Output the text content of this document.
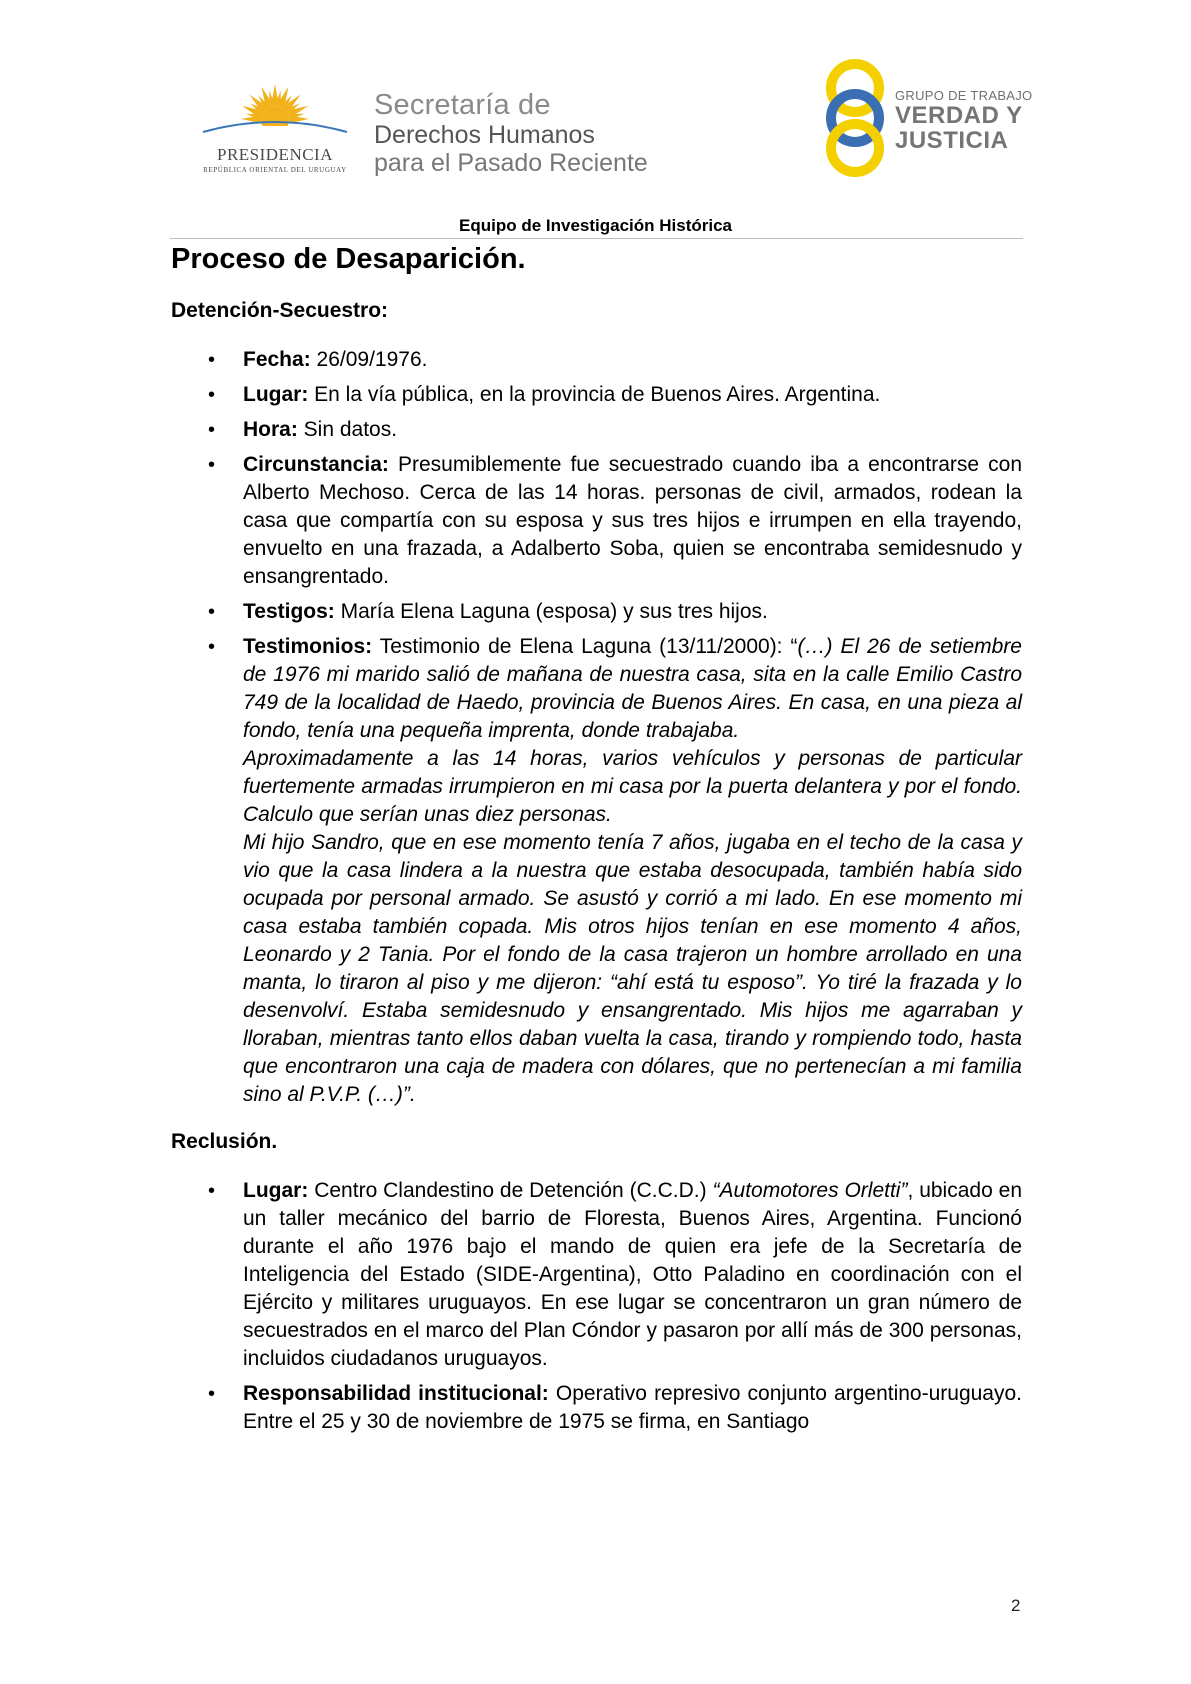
PRESIDENCIA
REPÚBLICA ORIENTAL DEL URUGUAY
Secretaría de
Derechos Humanos
para el Pasado Reciente
GRUPO DE TRABAJO
VERDAD Y
JUSTICIA
Equipo de Investigación Histórica
Proceso de Desaparición.
Detención-Secuestro:
• Fecha: 26/09/1976.
• Lugar: En la vía pública, en la provincia de Buenos Aires. Argentina.
• Hora: Sin datos.
• Circunstancia: Presumiblemente fue secuestrado cuando iba a encontrarse con Alberto Mechoso. Cerca de las 14 horas. personas de civil, armados, rodean la casa que compartía con su esposa y sus tres hijos e irrumpen en ella trayendo, envuelto en una frazada, a Adalberto Soba, quien se encontraba semidesnudo y ensangrentado.
• Testigos: María Elena Laguna (esposa) y sus tres hijos.
• Testimonios: Testimonio de Elena Laguna (13/11/2000): “(…) El 26 de setiembre de 1976 mi marido salió de mañana de nuestra casa, sita en la calle Emilio Castro 749 de la localidad de Haedo, provincia de Buenos Aires. En casa, en una pieza al fondo, tenía una pequeña imprenta, donde trabajaba.
Aproximadamente a las 14 horas, varios vehículos y personas de particular fuertemente armadas irrumpieron en mi casa por la puerta delantera y por el fondo. Calculo que serían unas diez personas.
Mi hijo Sandro, que en ese momento tenía 7 años, jugaba en el techo de la casa y vio que la casa lindera a la nuestra que estaba desocupada, también había sido ocupada por personal armado. Se asustó y corrió a mi lado. En ese momento mi casa estaba también copada. Mis otros hijos tenían en ese momento 4 años, Leonardo y 2 Tania. Por el fondo de la casa trajeron un hombre arrollado en una manta, lo tiraron al piso y me dijeron: “ahí está tu esposo”. Yo tiré la frazada y lo desenvolví. Estaba semidesnudo y ensangrentado. Mis hijos me agarraban y lloraban, mientras tanto ellos daban vuelta la casa, tirando y rompiendo todo, hasta que encontraron una caja de madera con dólares, que no pertenecían a mi familia sino al P.V.P. (…)”.
Reclusión.
• Lugar: Centro Clandestino de Detención (C.C.D.) “Automotores Orletti”, ubicado en un taller mecánico del barrio de Floresta, Buenos Aires, Argentina. Funcionó durante el año 1976 bajo el mando de quien era jefe de la Secretaría de Inteligencia del Estado (SIDE-Argentina), Otto Paladino en coordinación con el Ejército y militares uruguayos. En ese lugar se concentraron un gran número de secuestrados en el marco del Plan Cóndor y pasaron por allí más de 300 personas, incluidos ciudadanos uruguayos.
• Responsabilidad institucional: Operativo represivo conjunto argentino-uruguayo. Entre el 25 y 30 de noviembre de 1975 se firma, en Santiago
2
